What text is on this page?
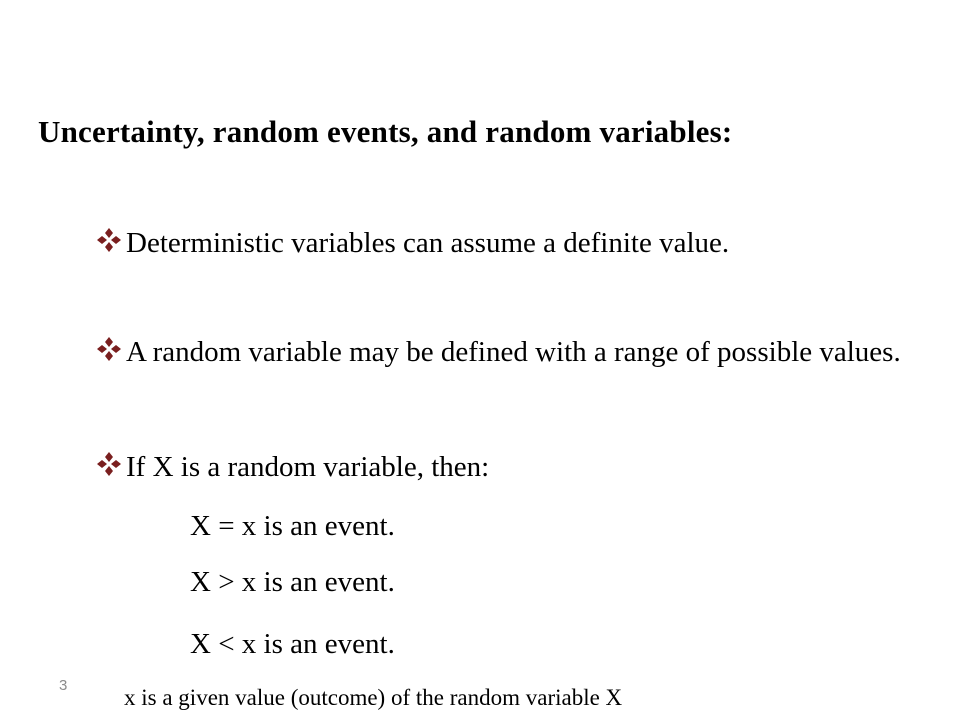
Uncertainty, random events, and random variables:
Deterministic variables can assume a definite value.
A random variable may be defined with a range of possible values.
If X is a random variable, then:
X = x is an event.
X > x is an event.
X < x is an event.
3 x is a given value (outcome) of the random variable X
